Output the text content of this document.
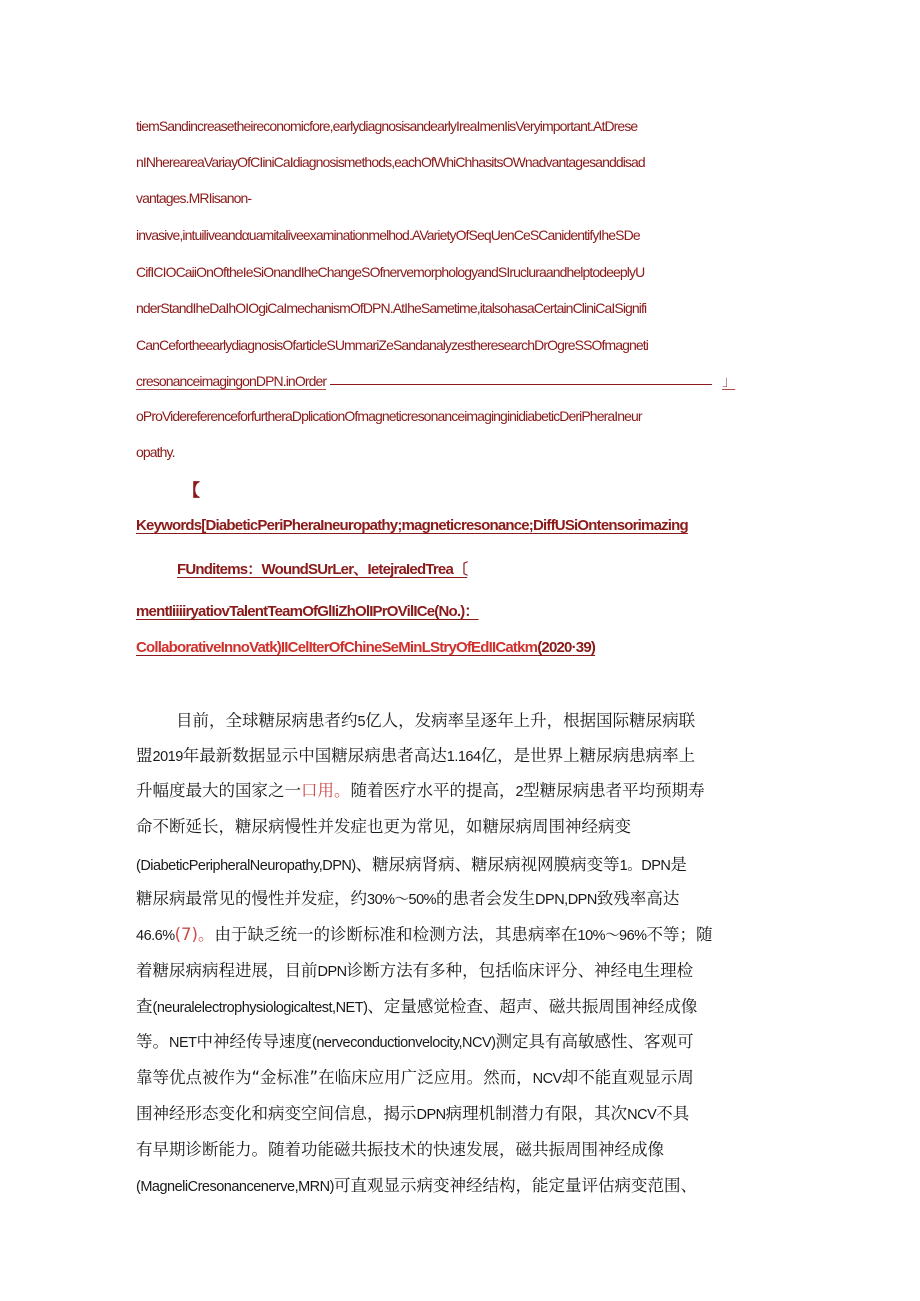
tiemSandincreasetheireconomicfore,earlydiagnosisandearlyIreaImenIisVeryimportant.AtDrese
nINhereareaVariayOfCIiniCaIdiagnosismethods,eachOfWhiChhasitsOWnadvantagesanddisad
vantages.MRIisanon-
invasive,intuiliveandαuamitaliveexaminationmelhod.AVarietyOfSeqUenCeSCanidentifyIheSDe
CifICIOCaiiOnOftheIeSiOnandIheChangeSOfnervemorphologyandSIrucluraandhelptodeeplyU
nderStandIheDaIhOIOgiCaImechanismOfDPN.AtIheSametime,italsohasaCertainCliniCaISignifi
CanCefortheearlydiagnosisOfarticleSUmmariZeSandanalyzestheresearchDrOgreSSOfmagneti
cresonanceimagingonDPN.inOrder	」
oProVidereferenceforfurtheraDplicationOfmagneticresonanceimaginginidiabeticDeriPheraIneur
opathy.
【
Keywords[DiabeticPeriPheraIneuropathy;magneticresonance;DiffUSiOntensorimazing
FUnditems：WoundSUrLer、IetejraIedTrea〔
mentIiiiiryatiovTalentTeamOfGlIiZhOlIPrOVilICe(No.)：
CollaborativeInnoVatk)IICelIterOfChineSeMinLStryOfEdIICatkm(2020·39)
目前，全球糖尿病患者约5亿人，发病率呈逐年上升，根据国际糖尿病联
盟2019年最新数据显示中国糖尿病患者高达1.164亿，是世界上糖尿病患病率上
升幅度最大的国家之一口用。随着医疗水平的提高，2型糖尿病患者平均预期寿
命不断延长，糖尿病慢性并发症也更为常见，如糖尿病周围神经病变
(DiabeticPeripheralNeuropathy,DPN)、糖尿病肾病、糖尿病视网膜病变等1。DPN是
糖尿病最常见的慢性并发症，约30%～50%的患者会发生DPN,DPN致残率高达
46.6%(7)。由于缺乏统一的诊断标准和检测方法，其患病率在10%～96%不等；随
着糖尿病病程进展，目前DPN诊断方法有多种，包括临床评分、神经电生理检
查(neuralelectrophysiologicaltest,NET)、定量感觉检查、超声、磁共振周围神经成像
等。NET中神经传导速度(nerveconductionvelocity,NCV)测定具有高敏感性、客观可
靠等优点被作为“金标准”在临床应用广泛应用。然而，NCV却不能直观显示周
围神经形态变化和病变空间信息，揭示DPN病理机制潜力有限，其次NCV不具
有早期诊断能力。随着功能磁共振技术的快速发展，磁共振周围神经成像
(MagneliCresonancenerve,MRN)可直观显示病变神经结构，能定量评估病变范围、
